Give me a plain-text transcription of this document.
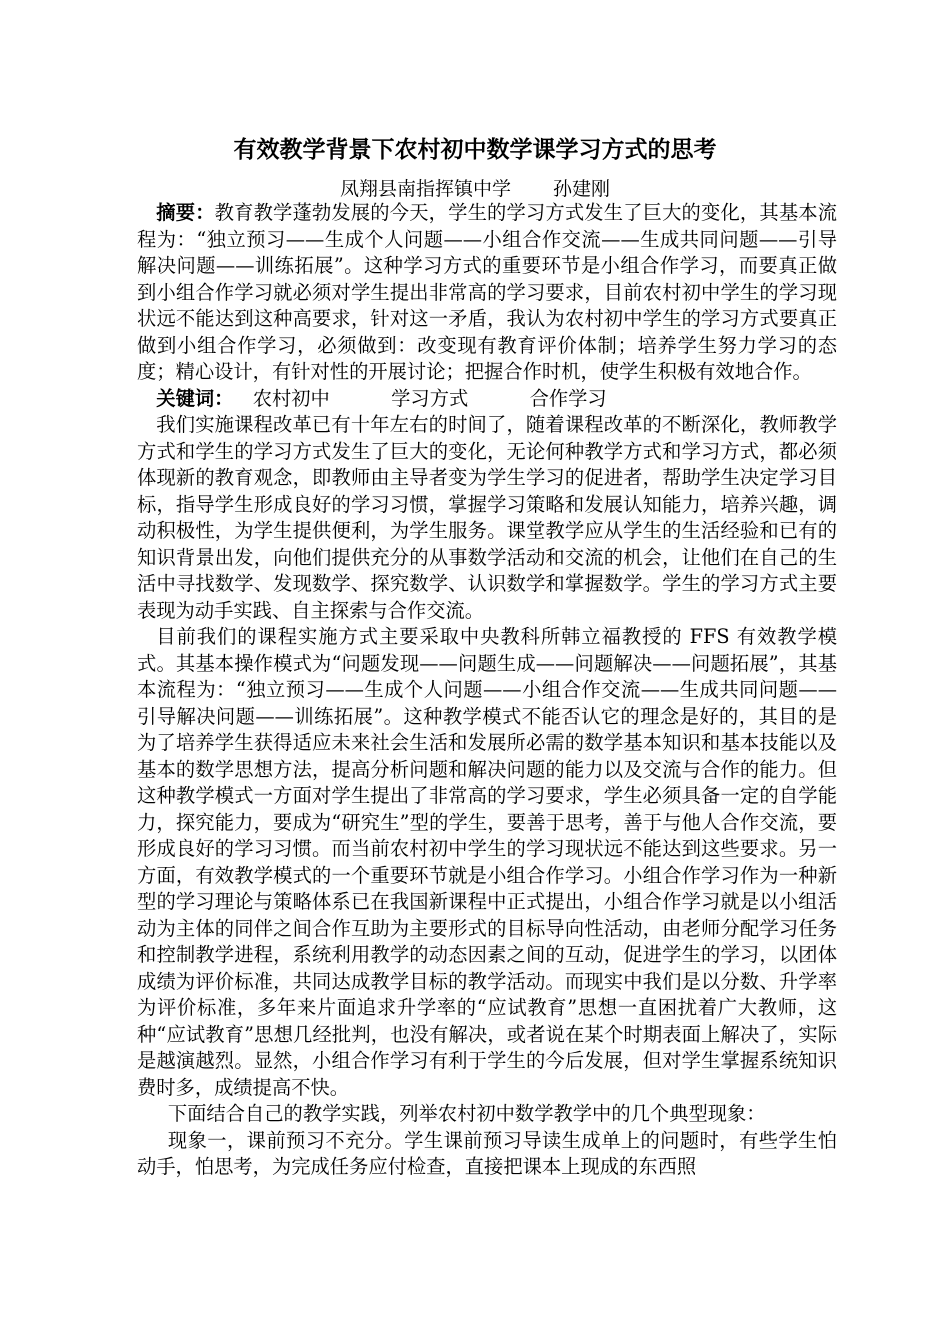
有效教学背景下农村初中数学课学习方式的思考
凤翔县南指挥镇中学 孙建刚

摘要：教育教学蓬勃发展的今天，学生的学习方式发生了巨大的变化，其基本流程为：“独立预习——生成个人问题——小组合作交流——生成共同问题——引导解决问题——训练拓展”。这种学习方式的重要环节是小组合作学习，而要真正做到小组合作学习就必须对学生提出非常高的学习要求，目前农村初中学生的学习现状远不能达到这种高要求，针对这一矛盾，我认为农村初中学生的学习方式要真正做到小组合作学习，必须做到：改变现有教育评价体制；培养学生努力学习的态度；精心设计，有针对性的开展讨论；把握合作时机，使学生积极有效地合作。

关键词： 农村初中	学习方式	合作学习

我们实施课程改革已有十年左右的时间了，随着课程改革的不断深化，教师教学方式和学生的学习方式发生了巨大的变化，无论何种教学方式和学习方式，都必须体现新的教育观念，即教师由主导者变为学生学习的促进者，帮助学生决定学习目标，指导学生形成良好的学习习惯，掌握学习策略和发展认知能力，培养兴趣，调动积极性，为学生提供便利，为学生服务。课堂教学应从学生的生活经验和已有的知识背景出发，向他们提供充分的从事数学活动和交流的机会，让他们在自己的生活中寻找数学、发现数学、探究数学、认识数学和掌握数学。学生的学习方式主要表现为动手实践、自主探索与合作交流。

目前我们的课程实施方式主要采取中央教科所韩立福教授的 FFS 有效教学模式。其基本操作模式为“问题发现——问题生成——问题解决——问题拓展”，其基本流程为：“独立预习——生成个人问题——小组合作交流——生成共同问题——引导解决问题——训练拓展”。这种教学模式不能否认它的理念是好的，其目的是为了培养学生获得适应未来社会生活和发展所必需的数学基本知识和基本技能以及基本的数学思想方法，提高分析问题和解决问题的能力以及交流与合作的能力。但这种教学模式一方面对学生提出了非常高的学习要求，学生必须具备一定的自学能力，探究能力，要成为“研究生”型的学生，要善于思考，善于与他人合作交流，要形成良好的学习习惯。而当前农村初中学生的学习现状远不能达到这些要求。另一方面，有效教学模式的一个重要环节就是小组合作学习。小组合作学习作为一种新型的学习理论与策略体系已在我国新课程中正式提出，小组合作学习就是以小组活动为主体的同伴之间合作互助为主要形式的目标导向性活动，由老师分配学习任务和控制教学进程，系统利用教学的动态因素之间的互动，促进学生的学习，以团体成绩为评价标准，共同达成教学目标的教学活动。而现实中我们是以分数、升学率为评价标准，多年来片面追求升学率的“应试教育”思想一直困扰着广大教师，这种“应试教育”思想几经批判，也没有解决，或者说在某个时期表面上解决了，实际是越演越烈。显然，小组合作学习有利于学生的今后发展，但对学生掌握系统知识费时多，成绩提高不快。

下面结合自己的教学实践，列举农村初中数学教学中的几个典型现象：

现象一，课前预习不充分。学生课前预习导读生成单上的问题时，有些学生怕动手，怕思考，为完成任务应付检查，直接把课本上现成的东西照
